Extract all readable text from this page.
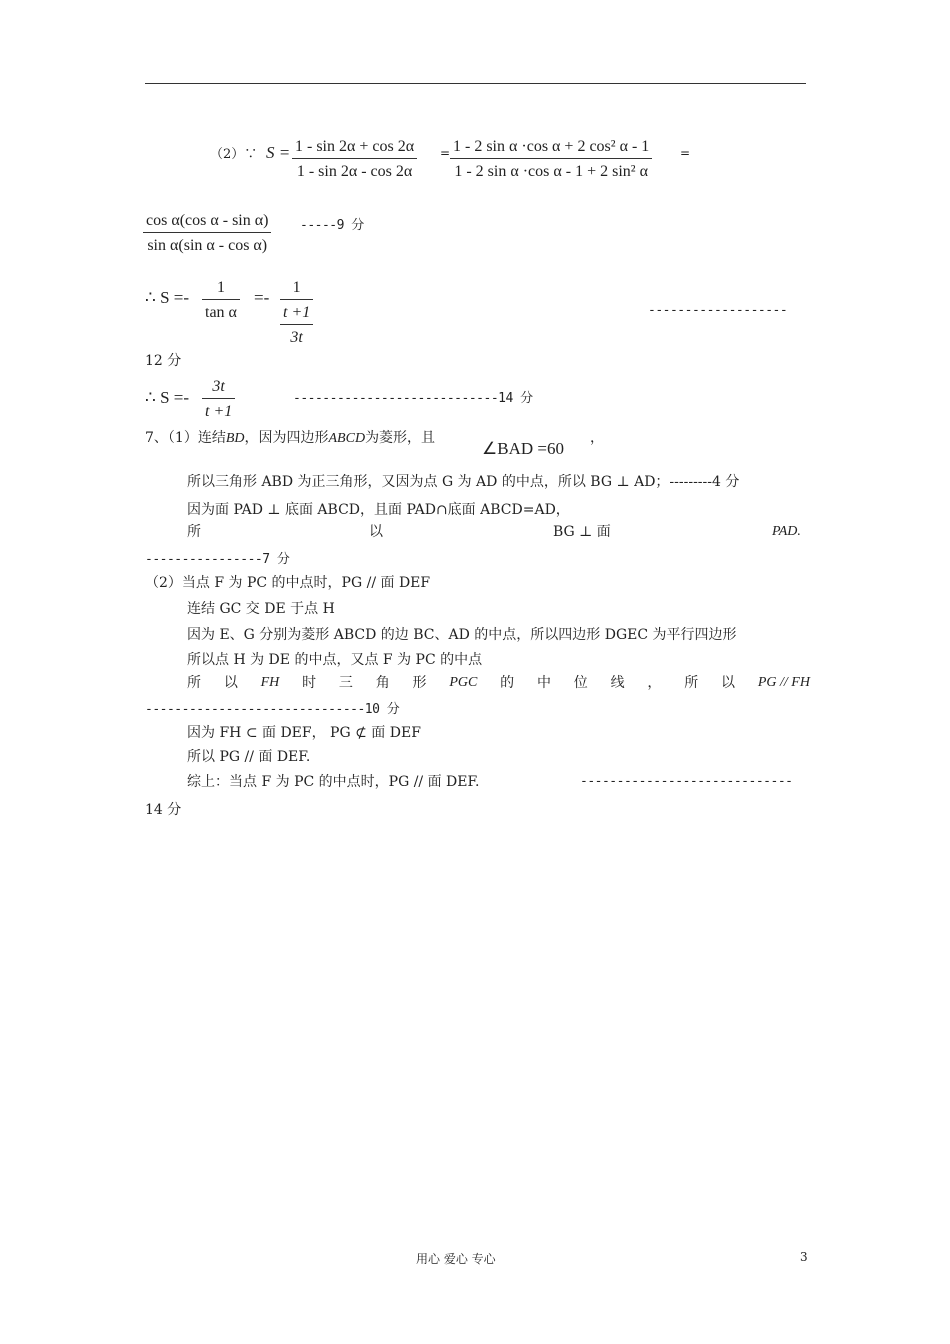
（2）∵ $S = \frac{1 - \sin 2\alpha + \cos 2\alpha}{1 - \sin 2\alpha - \cos 2\alpha} = \frac{\text{1 - 2 sin α ·cos α + 2 cos² α - 1}}{\text{1 - 2 sin α ·cos α - 1 + 2 sin² α}}$ =
$\frac{\text{cos α(cos α - sin α)}}{\text{sin α(sin α - cos α)}} -----9$ 分
∴ $S =- \frac{1}{\text{tan α}}$ =-
1
t +1
3t
-------------------
12 分
∴ $S =- \frac{3t}{t +1}$	----------------------------14 分
7、（1）连结BD，因为四边形ABCD为菱形，且
∠BAD =60
，
所以三角形 ABD 为正三角形，又因为点 G 为 AD 的中点，所以 BG ⊥ AD；---------4 分
因为面 PAD ⊥ 底面 ABCD，且面 PAD∩底面 ABCD=AD，
所	以	BG ⊥ 面	PAD.
----------------7 分
（2）当点 F 为 PC 的中点时，PG // 面 DEF
连结 GC 交 DE 于点 H
因为 E、G 分别为菱形 ABCD 的边 BC、AD 的中点，所以四边形 DGEC 为平行四边形
所以点 H 为 DE 的中点，又点 F 为 PC 的中点
所 以 FH 时 三 角 形 PGC 的 中 位 线 ， 所 以 PG // FH
------------------------------10 分
因为 FH ⊂ 面 DEF， PG ⊄ 面 DEF
所以 PG // 面 DEF.
综上：当点 F 为 PC 的中点时，PG // 面 DEF.	-----------------------------
14 分
用心 爱心 专心	3
